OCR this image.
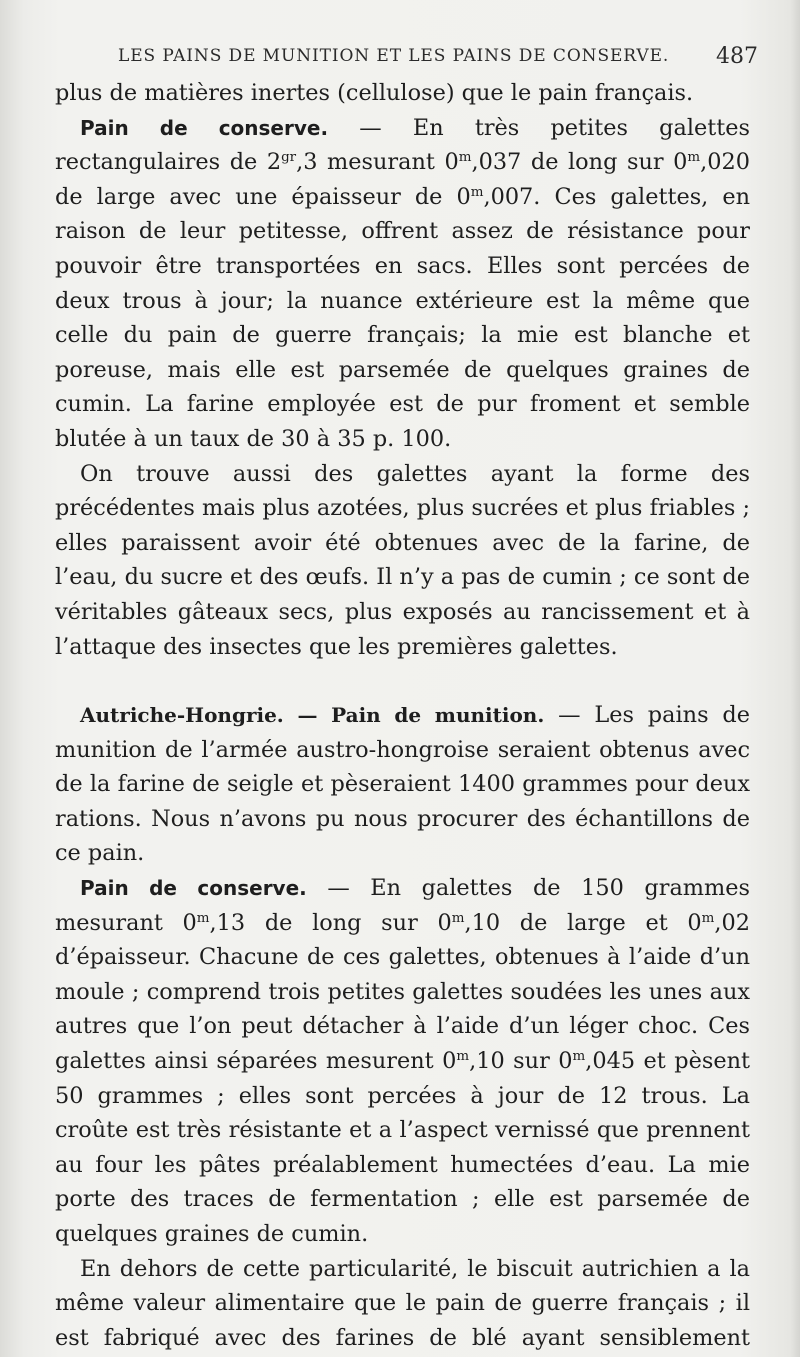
LES PAINS DE MUNITION ET LES PAINS DE CONSERVE. 487

plus de matières inertes (cellulose) que le pain français.

Pain de conserve. — En très petites galettes rectangulaires de $2^{gr},3$ mesurant 0$^m$,037 de long sur 0$^m$,020 de large avec une épaisseur de 0$^m$,007. Ces galettes, en raison de leur petitesse, offrent assez de résistance pour pouvoir être transportées en sacs. Elles sont percées de deux trous à jour; la nuance extérieure est la même que celle du pain de guerre français; la mie est blanche et poreuse, mais elle est parsemée de quelques graines de cumin. La farine employée est de pur froment et semble blutée à un taux de 30 à 35 p. 100.

On trouve aussi des galettes ayant la forme des précédentes mais plus azotées, plus sucrées et plus friables ; elles paraissent avoir été obtenues avec de la farine, de l’eau, du sucre et des œufs. Il n’y a pas de cumin ; ce sont de véritables gâteaux secs, plus exposés au rancissement et à l’attaque des insectes que les premières galettes.

Autriche-Hongrie. — Pain de munition. — Les pains de munition de l’armée austro-hongroise seraient obtenus avec de la farine de seigle et pèseraient 1400 grammes pour deux rations. Nous n’avons pu nous procurer des échantillons de ce pain.

Pain de conserve. — En galettes de 150 grammes mesurant 0$^m$,13 de long sur 0$^m$,10 de large et 0$^m$,02 d’épaisseur. Chacune de ces galettes, obtenues à l’aide d’un moule ; comprend trois petites galettes soudées les unes aux autres que l’on peut détacher à l’aide d’un léger choc. Ces galettes ainsi séparées mesurent 0$^m$,10 sur 0$^m$,045 et pèsent 50 grammes ; elles sont percées à jour de 12 trous. La croûte est très résistante et a l’aspect vernissé que prennent au four les pâtes préalablement humectées d’eau. La mie porte des traces de fermentation ; elle est parsemée de quelques graines de cumin.

En dehors de cette particularité, le biscuit autrichien a la même valeur alimentaire que le pain de guerre français ; il est fabriqué avec des farines de blé ayant sensiblement
